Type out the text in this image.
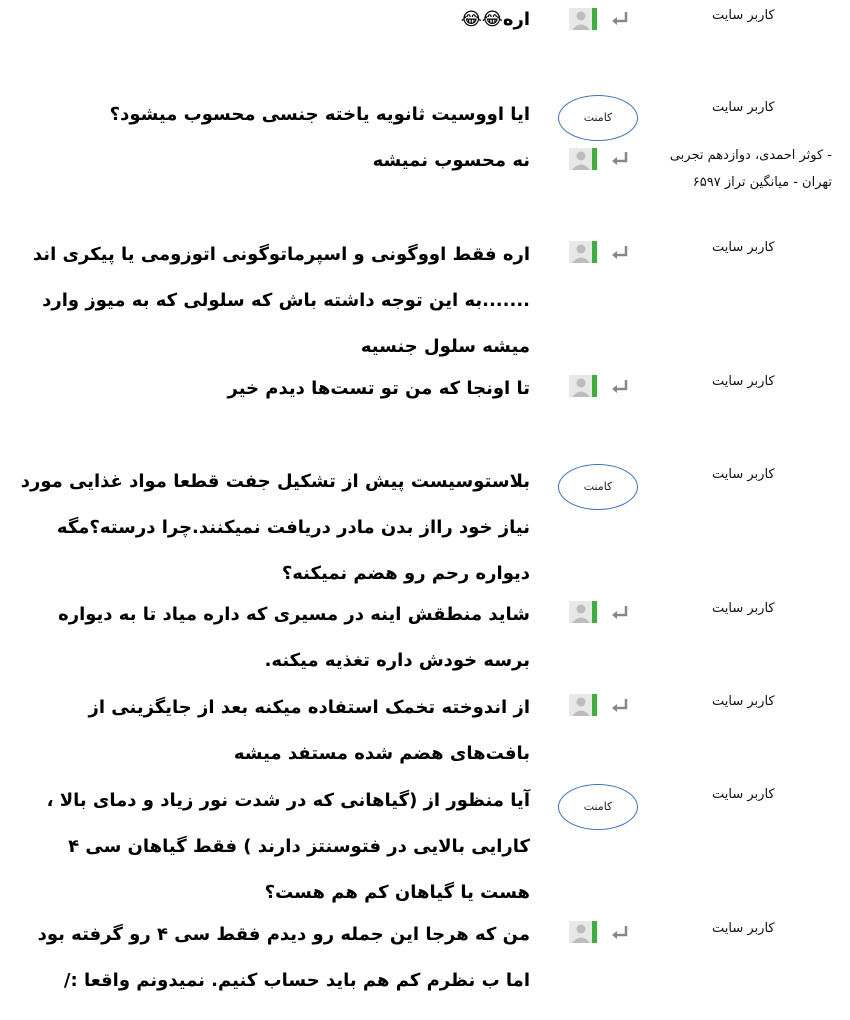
کاربر سایت
اره😂😂
کاربر سایت
کامنت
ایا اووسیت ثانویه یاخته جنسی محسوب میشود؟
کوثر احمدی، دوازدهم تجربی -
تهران - میانگین تراز ۶۵۹۷
نه محسوب نمیشه
کاربر سایت
اره فقط اووگونی و اسپرماتوگونی اتوزومی یا پیکری اند .......به این توجه داشته باش که سلولی که به میوز وارد میشه سلول جنسیه
کاربر سایت
تا اونجا که من تو تست‌ها دیدم خیر
کاربر سایت
کامنت
بلاستوسیست پیش از تشکیل جفت قطعا مواد غذایی مورد نیاز خود رااز بدن مادر دریافت نمیکنند.چرا درسته؟مگه دیواره رحم رو هضم نمیکنه؟
کاربر سایت
شاید منطقش اینه در مسیری که داره میاد تا به دیواره برسه خودش داره تغذیه میکنه.
کاربر سایت
از اندوخته تخمک استفاده میکنه بعد از جایگزینی از بافت‌های هضم شده مستفد میشه
کاربر سایت
کامنت
آیا منظور از (گیاهانی که در شدت نور زیاد و دمای بالا ، کارایی بالایی در فتوسنتز دارند ) فقط گیاهان سی ۴ هست یا گیاهان کم هم هست؟
کاربر سایت
من که هرجا این جمله رو دیدم فقط سی ۴ رو گرفته بود اما ب نظرم کم هم باید حساب کنیم. نمیدونم واقعا :/
